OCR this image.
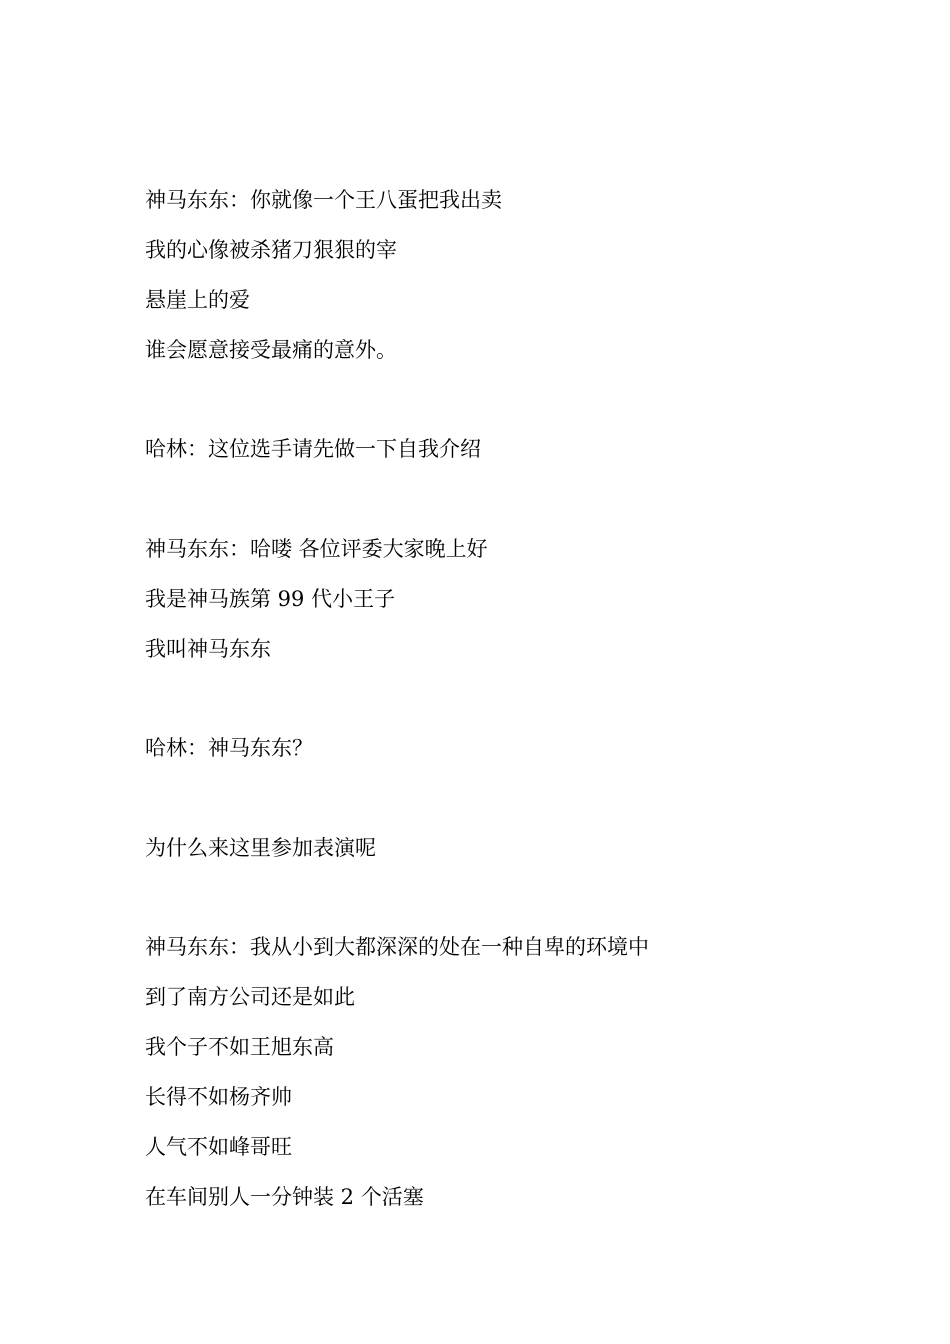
神马东东：你就像一个王八蛋把我出卖
我的心像被杀猪刀狠狠的宰
悬崖上的爱
谁会愿意接受最痛的意外。
哈林：这位选手请先做一下自我介绍
神马东东：哈喽 各位评委大家晚上好
我是神马族第 99 代小王子
我叫神马东东
哈林：神马东东？
为什么来这里参加表演呢
神马东东：我从小到大都深深的处在一种自卑的环境中
到了南方公司还是如此
我个子不如王旭东高
长得不如杨齐帅
人气不如峰哥旺
在车间别人一分钟装 2 个活塞
